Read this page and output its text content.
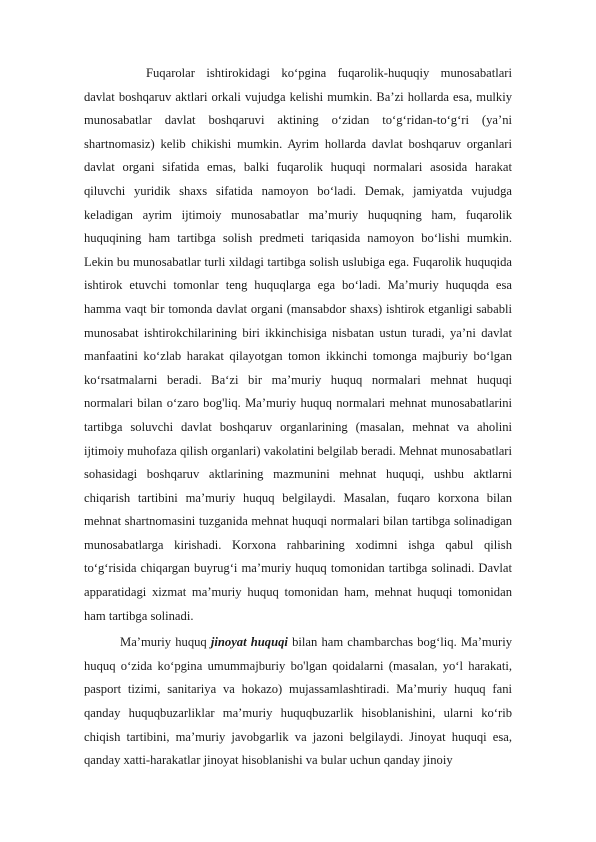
Fuqarolar ishtirokidagi ko‘pgina fuqarolik-huquqiy munosabatlari davlat boshqaruv aktlari orkali vujudga kelishi mumkin. Ba’zi hollarda esa, mulkiy munosabatlar davlat boshqaruvi aktining o‘zidan to‘g‘ridan-to‘g‘ri (ya’ni shartnomasiz) kelib chikishi mumkin. Ayrim hollarda davlat boshqaruv organlari davlat organi sifatida emas, balki fuqarolik huquqi normalari asosida harakat qiluvchi yuridik shaxs sifatida namoyon bo‘ladi. Demak, jamiyatda vujudga keladigan ayrim ijtimoiy munosabatlar ma’muriy huquqning ham, fuqarolik huquqining ham tartibga solish predmeti tariqasida namoyon bo‘lishi mumkin. Lekin bu munosabatlar turli xildagi tartibga solish uslubiga ega. Fuqarolik huquqida ishtirok etuvchi tomonlar teng huquqlarga ega bo‘ladi. Ma’muriy huquqda esa hamma vaqt bir tomonda davlat organi (mansabdor shaxs) ishtirok etganligi sababli munosabat ishtirokchilarining biri ikkinchisiga nisbatan ustun turadi, ya’ni davlat manfaatini ko‘zlab harakat qilayotgan tomon ikkinchi tomonga majburiy bo‘lgan ko‘rsatmalarni beradi. Ba‘zi bir ma’muriy huquq normalari mehnat huquqi normalari bilan o‘zaro bog'liq. Ma’muriy huquq normalari mehnat munosabatlarini tartibga soluvchi davlat boshqaruv organlarining (masalan, mehnat va aholini ijtimoiy muhofaza qilish organlari) vakolatini belgilab beradi. Mehnat munosabatlari sohasidagi boshqaruv aktlarining mazmunini mehnat huquqi, ushbu aktlarni chiqarish tartibini ma’muriy huquq belgilaydi. Masalan, fuqaro korxona bilan mehnat shartnomasini tuzganida mehnat huquqi normalari bilan tartibga solinadigan munosabatlarga kirishadi. Korxona rahbarining xodimni ishga qabul qilish to‘g‘risida chiqargan buyrug‘i ma’muriy huquq tomonidan tartibga solinadi. Davlat apparatidagi xizmat ma’muriy huquq tomonidan ham, mehnat huquqi tomonidan ham tartibga solinadi.

Ma’muriy huquq jinoyat huquqi bilan ham chambarchas bog‘liq. Ma’muriy huquq o‘zida ko‘pgina umummajburiy bo'lgan qoidalarni (masalan, yo‘l harakati, pasport tizimi, sanitariya va hokazo) mujassamlashtiradi. Ma’muriy huquq fani qanday huquqbuzarliklar ma’muriy huquqbuzarlik hisoblanishini, ularni ko‘rib chiqish tartibini, ma’muriy javobgarlik va jazoni belgilaydi. Jinoyat huquqi esa, qanday xatti-harakatlar jinoyat hisoblanishi va bular uchun qanday jinoiy
